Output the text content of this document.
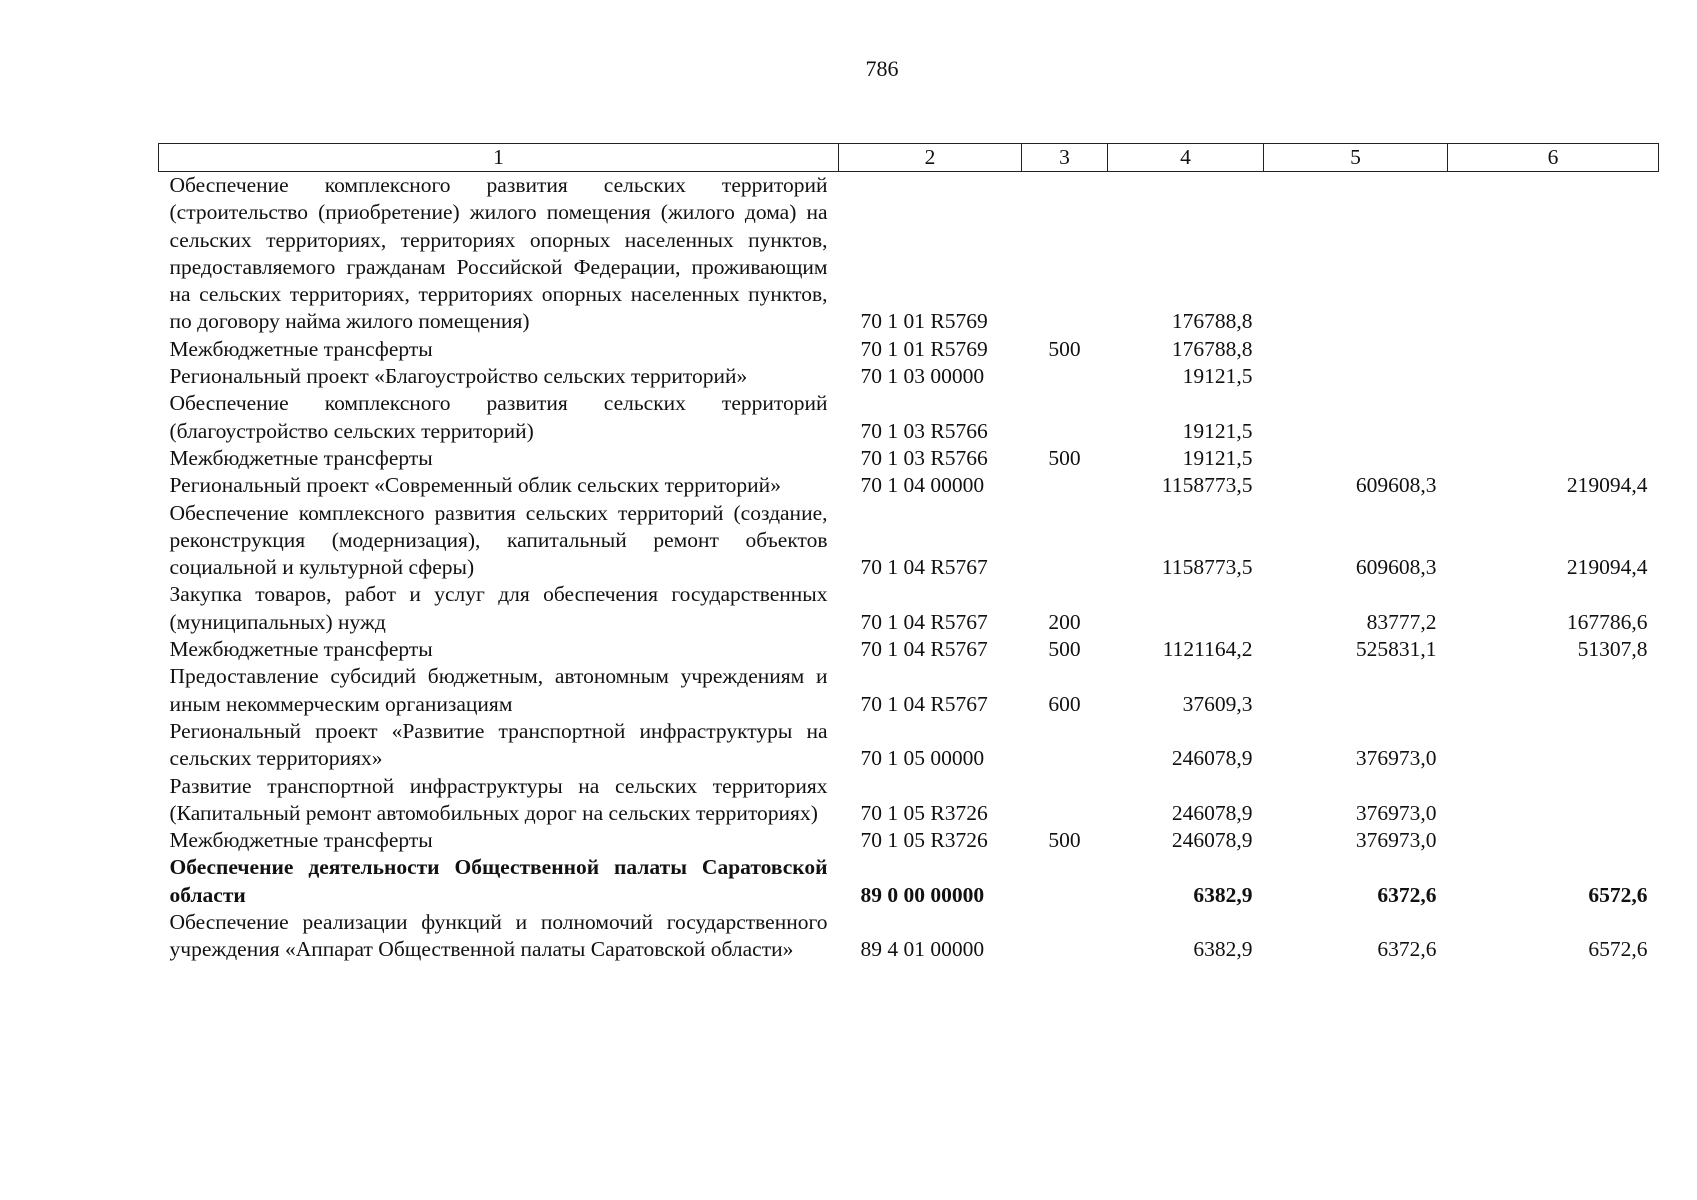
786
1	2	3	4	5	6
Обеспечение комплексного развития сельских территорий (строительство (приобретение) жилого помещения (жилого дома) на сельских территориях, территориях опорных населенных пунктов, предоставляемого гражданам Российской Федерации, проживающим на сельских территориях, территориях опорных населенных пунктов, по договору найма жилого помещения)	70 1 01 R5769		176788,8		
Межбюджетные трансферты	70 1 01 R5769	500	176788,8		
Региональный проект «Благоустройство сельских территорий»	70 1 03 00000		19121,5		
Обеспечение комплексного развития сельских территорий (благоустройство сельских территорий)	70 1 03 R5766		19121,5		
Межбюджетные трансферты	70 1 03 R5766	500	19121,5		
Региональный проект «Современный облик сельских территорий»	70 1 04 00000		1158773,5	609608,3	219094,4
Обеспечение комплексного развития сельских территорий (создание, реконструкция (модернизация), капитальный ремонт объектов социальной и культурной сферы)	70 1 04 R5767		1158773,5	609608,3	219094,4
Закупка товаров, работ и услуг для обеспечения государственных (муниципальных) нужд	70 1 04 R5767	200		83777,2	167786,6
Межбюджетные трансферты	70 1 04 R5767	500	1121164,2	525831,1	51307,8
Предоставление субсидий бюджетным, автономным учреждениям и иным некоммерческим организациям	70 1 04 R5767	600	37609,3		
Региональный проект «Развитие транспортной инфраструктуры на сельских территориях»	70 1 05 00000		246078,9	376973,0	
Развитие транспортной инфраструктуры на сельских территориях (Капитальный ремонт автомобильных дорог на сельских территориях)	70 1 05 R3726		246078,9	376973,0	
Межбюджетные трансферты	70 1 05 R3726	500	246078,9	376973,0	
Обеспечение деятельности Общественной палаты Саратовской области	89 0 00 00000		6382,9	6372,6	6572,6
Обеспечение реализации функций и полномочий государственного учреждения «Аппарат Общественной палаты Саратовской области»	89 4 01 00000		6382,9	6372,6	6572,6
